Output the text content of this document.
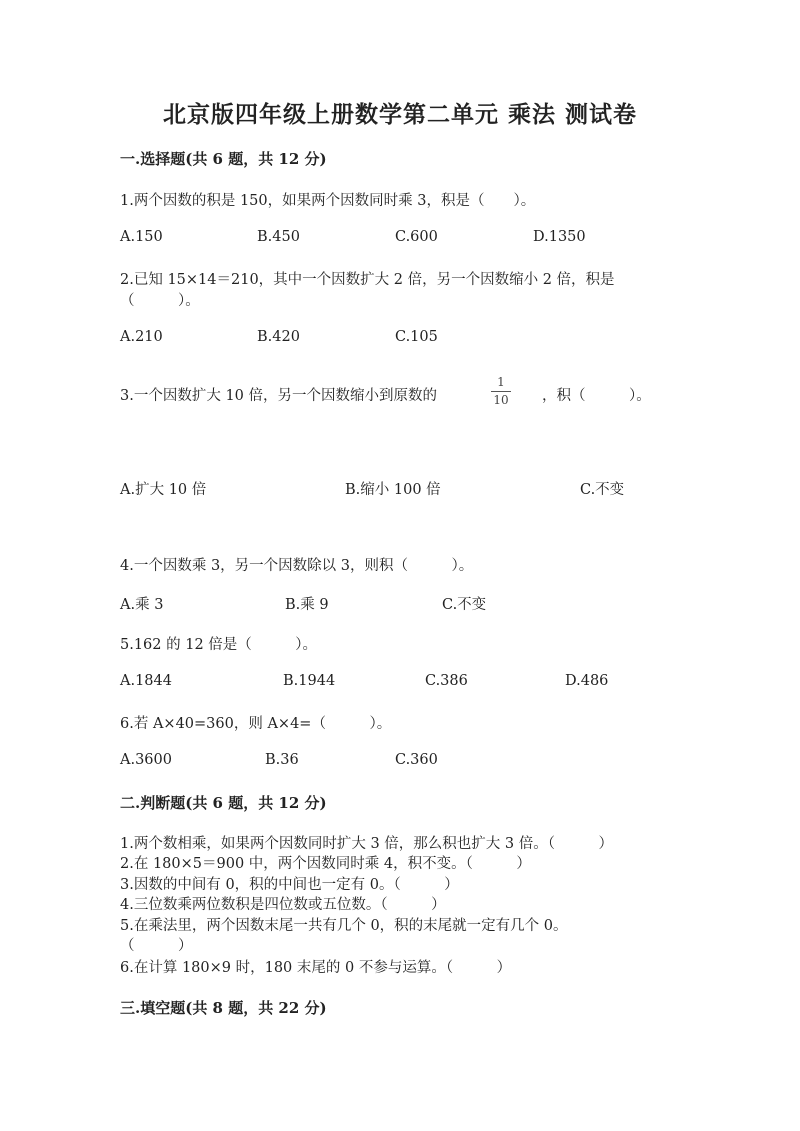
北京版四年级上册数学第二单元 乘法 测试卷
一.选择题(共 6 题，共 12 分)
1.两个因数的积是 150，如果两个因数同时乘 3，积是（　　）。
A.150	B.450	C.600	D.1350
2.已知 15×14＝210，其中一个因数扩大 2 倍，另一个因数缩小 2 倍，积是
（　　　）。
A.210	B.420	C.105
3.一个因数扩大 10 倍，另一个因数缩小到原数的
1
10 ，积（　　　）。
A.扩大 10 倍	B.缩小 100 倍	C.不变
4.一个因数乘 3，另一个因数除以 3，则积（　　　）。
A.乘 3	B.乘 9	C.不变
5.162 的 12 倍是（　　　）。
A.1844	B.1944	C.386	D.486
6.若 A×40=360，则 A×4=（　　　）。
A.3600	B.36	C.360
二.判断题(共 6 题，共 12 分)
1.两个数相乘，如果两个因数同时扩大 3 倍，那么积也扩大 3 倍。（　　　）
2.在 180×5＝900 中，两个因数同时乘 4，积不变。（　　　）
3.因数的中间有 0，积的中间也一定有 0。（　　　）
4.三位数乘两位数积是四位数或五位数。（　　　）
5.在乘法里，两个因数末尾一共有几个 0，积的末尾就一定有几个 0。
（　　　）
6.在计算 180×9 时，180 末尾的 0 不参与运算。（　　　）
三.填空题(共 8 题，共 22 分)
